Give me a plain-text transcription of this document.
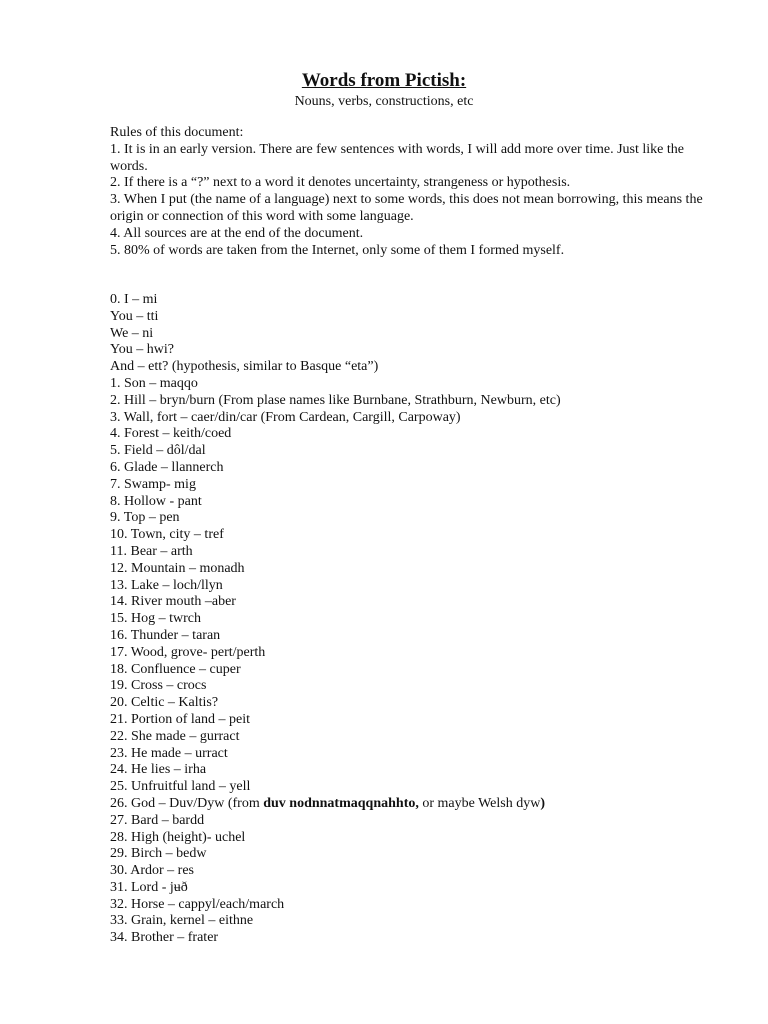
Words from Pictish:
Nouns, verbs, constructions, etc
Rules of this document:
1. It is in an early version. There are few sentences with words, I will add more over time. Just like the words.
2. If there is a “?” next to a word it denotes uncertainty, strangeness or hypothesis.
3. When I put (the name of a language) next to some words, this does not mean borrowing, this means the origin or connection of this word with some language.
4. All sources are at the end of the document.
5. 80% of words are taken from the Internet, only some of them I formed myself.
0. I – mi
You – tti
We – ni
You – hwi?
And – ett? (hypothesis, similar to Basque “eta”)
1. Son – maqqo
2. Hill – bryn/burn (From plase names like Burnbane, Strathburn, Newburn, etc)
3. Wall, fort – caer/din/car (From Cardean, Cargill, Carpoway)
4. Forest – keith/coed
5. Field – dôl/dal
6. Glade – llannerch
7. Swamp- mig
8. Hollow - pant
9. Top – pen
10. Town, city – tref
11. Bear – arth
12. Mountain – monadh
13. Lake – loch/llyn
14. River mouth –aber
15. Hog – twrch
16. Thunder – taran
17. Wood, grove- pert/perth
18. Confluence – cuper
19. Cross – crocs
20. Celtic – Kaltis?
21. Portion of land – peit
22. She made – gurract
23. He made – urract
24. He lies – irha
25. Unfruitful land – yell
26. God – Duv/Dyw (from duv nodnnatmaqqnahhto, or maybe Welsh dyw)
27. Bard – bardd
28. High (height)- uchel
29. Birch – bedw
30. Ardor – res
31. Lord - jʉð
32. Horse – cappyl/each/march
33. Grain, kernel – eithne
34. Brother – frater
